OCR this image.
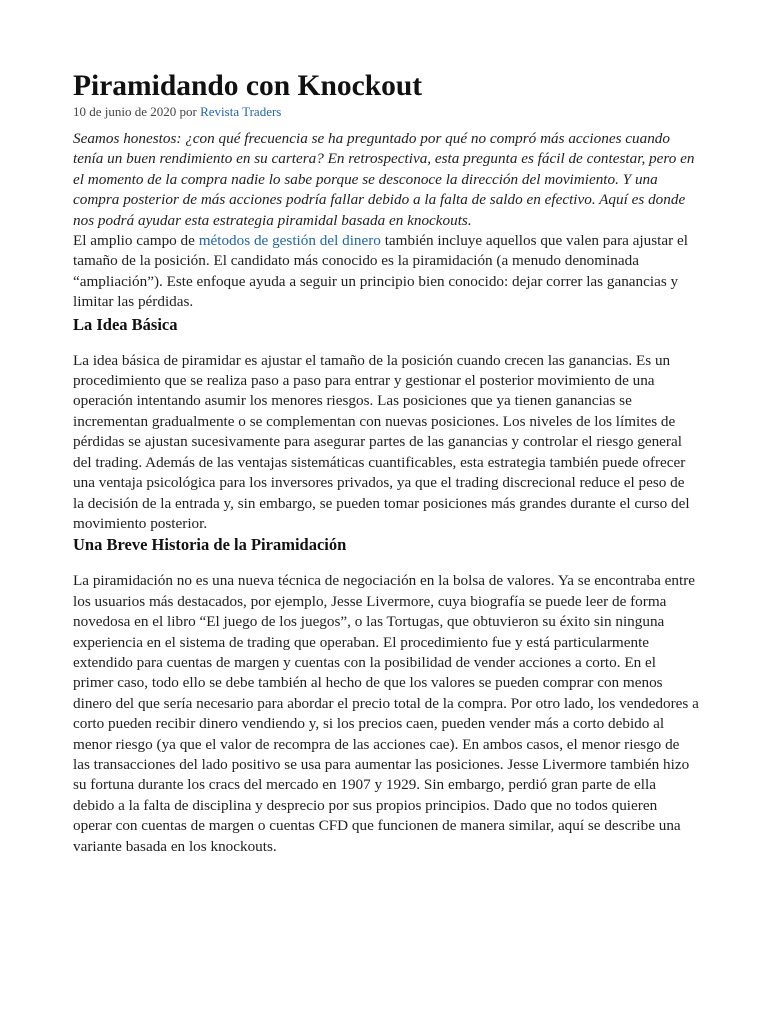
Piramidando con Knockout
10 de junio de 2020 por Revista Traders

Seamos honestos: ¿con qué frecuencia se ha preguntado por qué no compró más acciones cuando tenía un buen rendimiento en su cartera? En retrospectiva, esta pregunta es fácil de contestar, pero en el momento de la compra nadie lo sabe porque se desconoce la dirección del movimiento. Y una compra posterior de más acciones podría fallar debido a la falta de saldo en efectivo. Aquí es donde nos podrá ayudar esta estrategia piramidal basada en knockouts.

El amplio campo de métodos de gestión del dinero también incluye aquellos que valen para ajustar el tamaño de la posición. El candidato más conocido es la piramidación (a menudo denominada “ampliación”). Este enfoque ayuda a seguir un principio bien conocido: dejar correr las ganancias y limitar las pérdidas.

La Idea Básica

La idea básica de piramidar es ajustar el tamaño de la posición cuando crecen las ganancias. Es un procedimiento que se realiza paso a paso para entrar y gestionar el posterior movimiento de una operación intentando asumir los menores riesgos. Las posiciones que ya tienen ganancias se incrementan gradualmente o se complementan con nuevas posiciones. Los niveles de los límites de pérdidas se ajustan sucesivamente para asegurar partes de las ganancias y controlar el riesgo general del trading. Además de las ventajas sistemáticas cuantificables, esta estrategia también puede ofrecer una ventaja psicológica para los inversores privados, ya que el trading discrecional reduce el peso de la decisión de la entrada y, sin embargo, se pueden tomar posiciones más grandes durante el curso del movimiento posterior.

Una Breve Historia de la Piramidación

La piramidación no es una nueva técnica de negociación en la bolsa de valores. Ya se encontraba entre los usuarios más destacados, por ejemplo, Jesse Livermore, cuya biografía se puede leer de forma novedosa en el libro “El juego de los juegos”, o las Tortugas, que obtuvieron su éxito sin ninguna experiencia en el sistema de trading que operaban. El procedimiento fue y está particularmente extendido para cuentas de margen y cuentas con la posibilidad de vender acciones a corto. En el primer caso, todo ello se debe también al hecho de que los valores se pueden comprar con menos dinero del que sería necesario para abordar el precio total de la compra. Por otro lado, los vendedores a corto pueden recibir dinero vendiendo y, si los precios caen, pueden vender más a corto debido al menor riesgo (ya que el valor de recompra de las acciones cae). En ambos casos, el menor riesgo de las transacciones del lado positivo se usa para aumentar las posiciones. Jesse Livermore también hizo su fortuna durante los cracs del mercado en 1907 y 1929. Sin embargo, perdió gran parte de ella debido a la falta de disciplina y desprecio por sus propios principios. Dado que no todos quieren operar con cuentas de margen o cuentas CFD que funcionen de manera similar, aquí se describe una variante basada en los knockouts.
